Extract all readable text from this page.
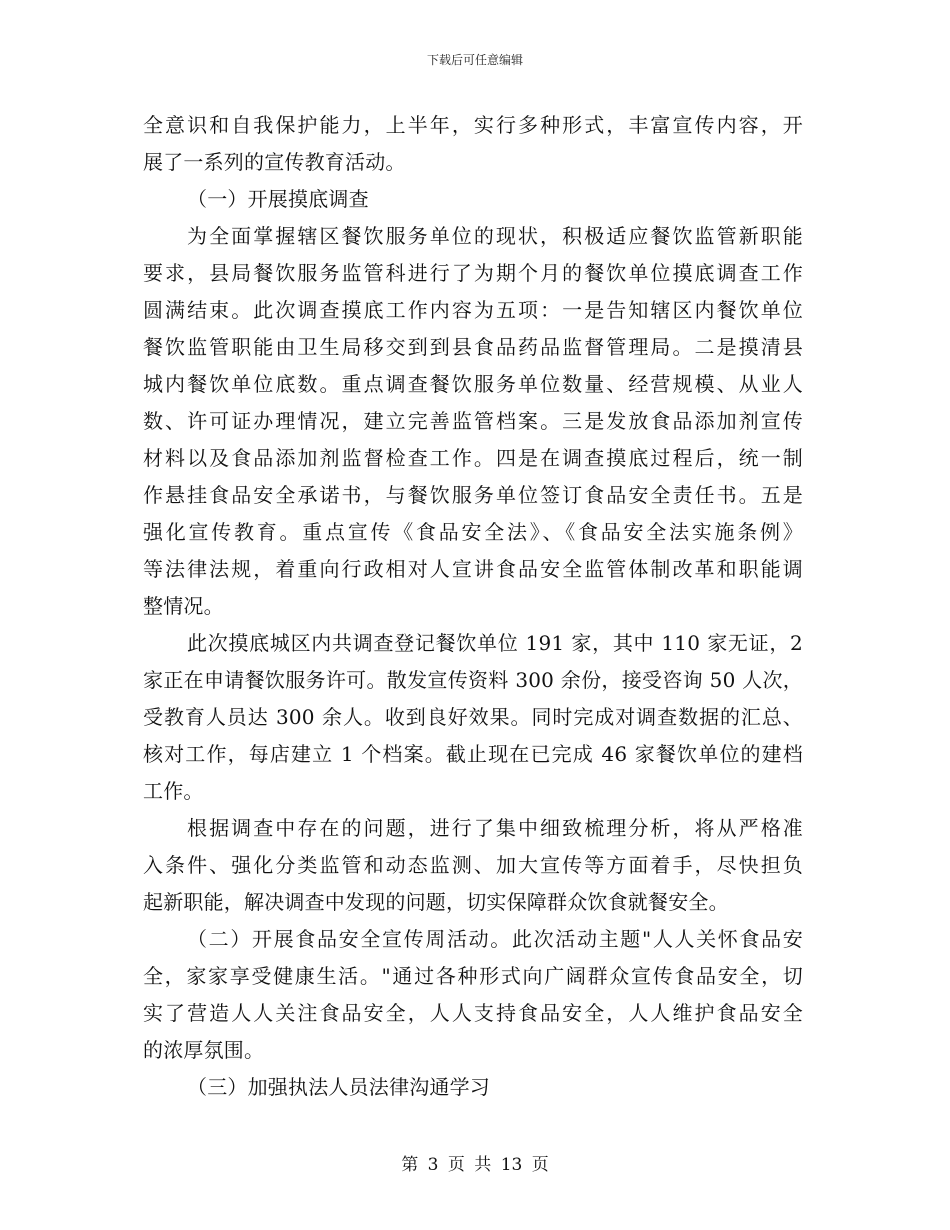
下载后可任意编辑
全意识和自我保护能力，上半年，实行多种形式，丰富宣传内容，开
展了一系列的宣传教育活动。
（一）开展摸底调查
为全面掌握辖区餐饮服务单位的现状，积极适应餐饮监管新职能
要求，县局餐饮服务监管科进行了为期个月的餐饮单位摸底调查工作
圆满结束。此次调查摸底工作内容为五项：一是告知辖区内餐饮单位
餐饮监管职能由卫生局移交到到县食品药品监督管理局。二是摸清县
城内餐饮单位底数。重点调查餐饮服务单位数量、经营规模、从业人
数、许可证办理情况，建立完善监管档案。三是发放食品添加剂宣传
材料以及食品添加剂监督检查工作。四是在调查摸底过程后，统一制
作悬挂食品安全承诺书，与餐饮服务单位签订食品安全责任书。五是
强化宣传教育。重点宣传《食品安全法》、《食品安全法实施条例》
等法律法规，着重向行政相对人宣讲食品安全监管体制改革和职能调
整情况。
此次摸底城区内共调查登记餐饮单位 191 家，其中 110 家无证，2
家正在申请餐饮服务许可。散发宣传资料 300 余份，接受咨询 50 人次，
受教育人员达 300 余人。收到良好效果。同时完成对调查数据的汇总、
核对工作，每店建立 1 个档案。截止现在已完成 46 家餐饮单位的建档
工作。
根据调查中存在的问题，进行了集中细致梳理分析，将从严格准
入条件、强化分类监管和动态监测、加大宣传等方面着手，尽快担负
起新职能，解决调查中发现的问题，切实保障群众饮食就餐安全。
（二）开展食品安全宣传周活动。此次活动主题"人人关怀食品安
全，家家享受健康生活。"通过各种形式向广阔群众宣传食品安全，切
实了营造人人关注食品安全，人人支持食品安全，人人维护食品安全
的浓厚氛围。
（三）加强执法人员法律沟通学习
第 3 页 共 13 页
